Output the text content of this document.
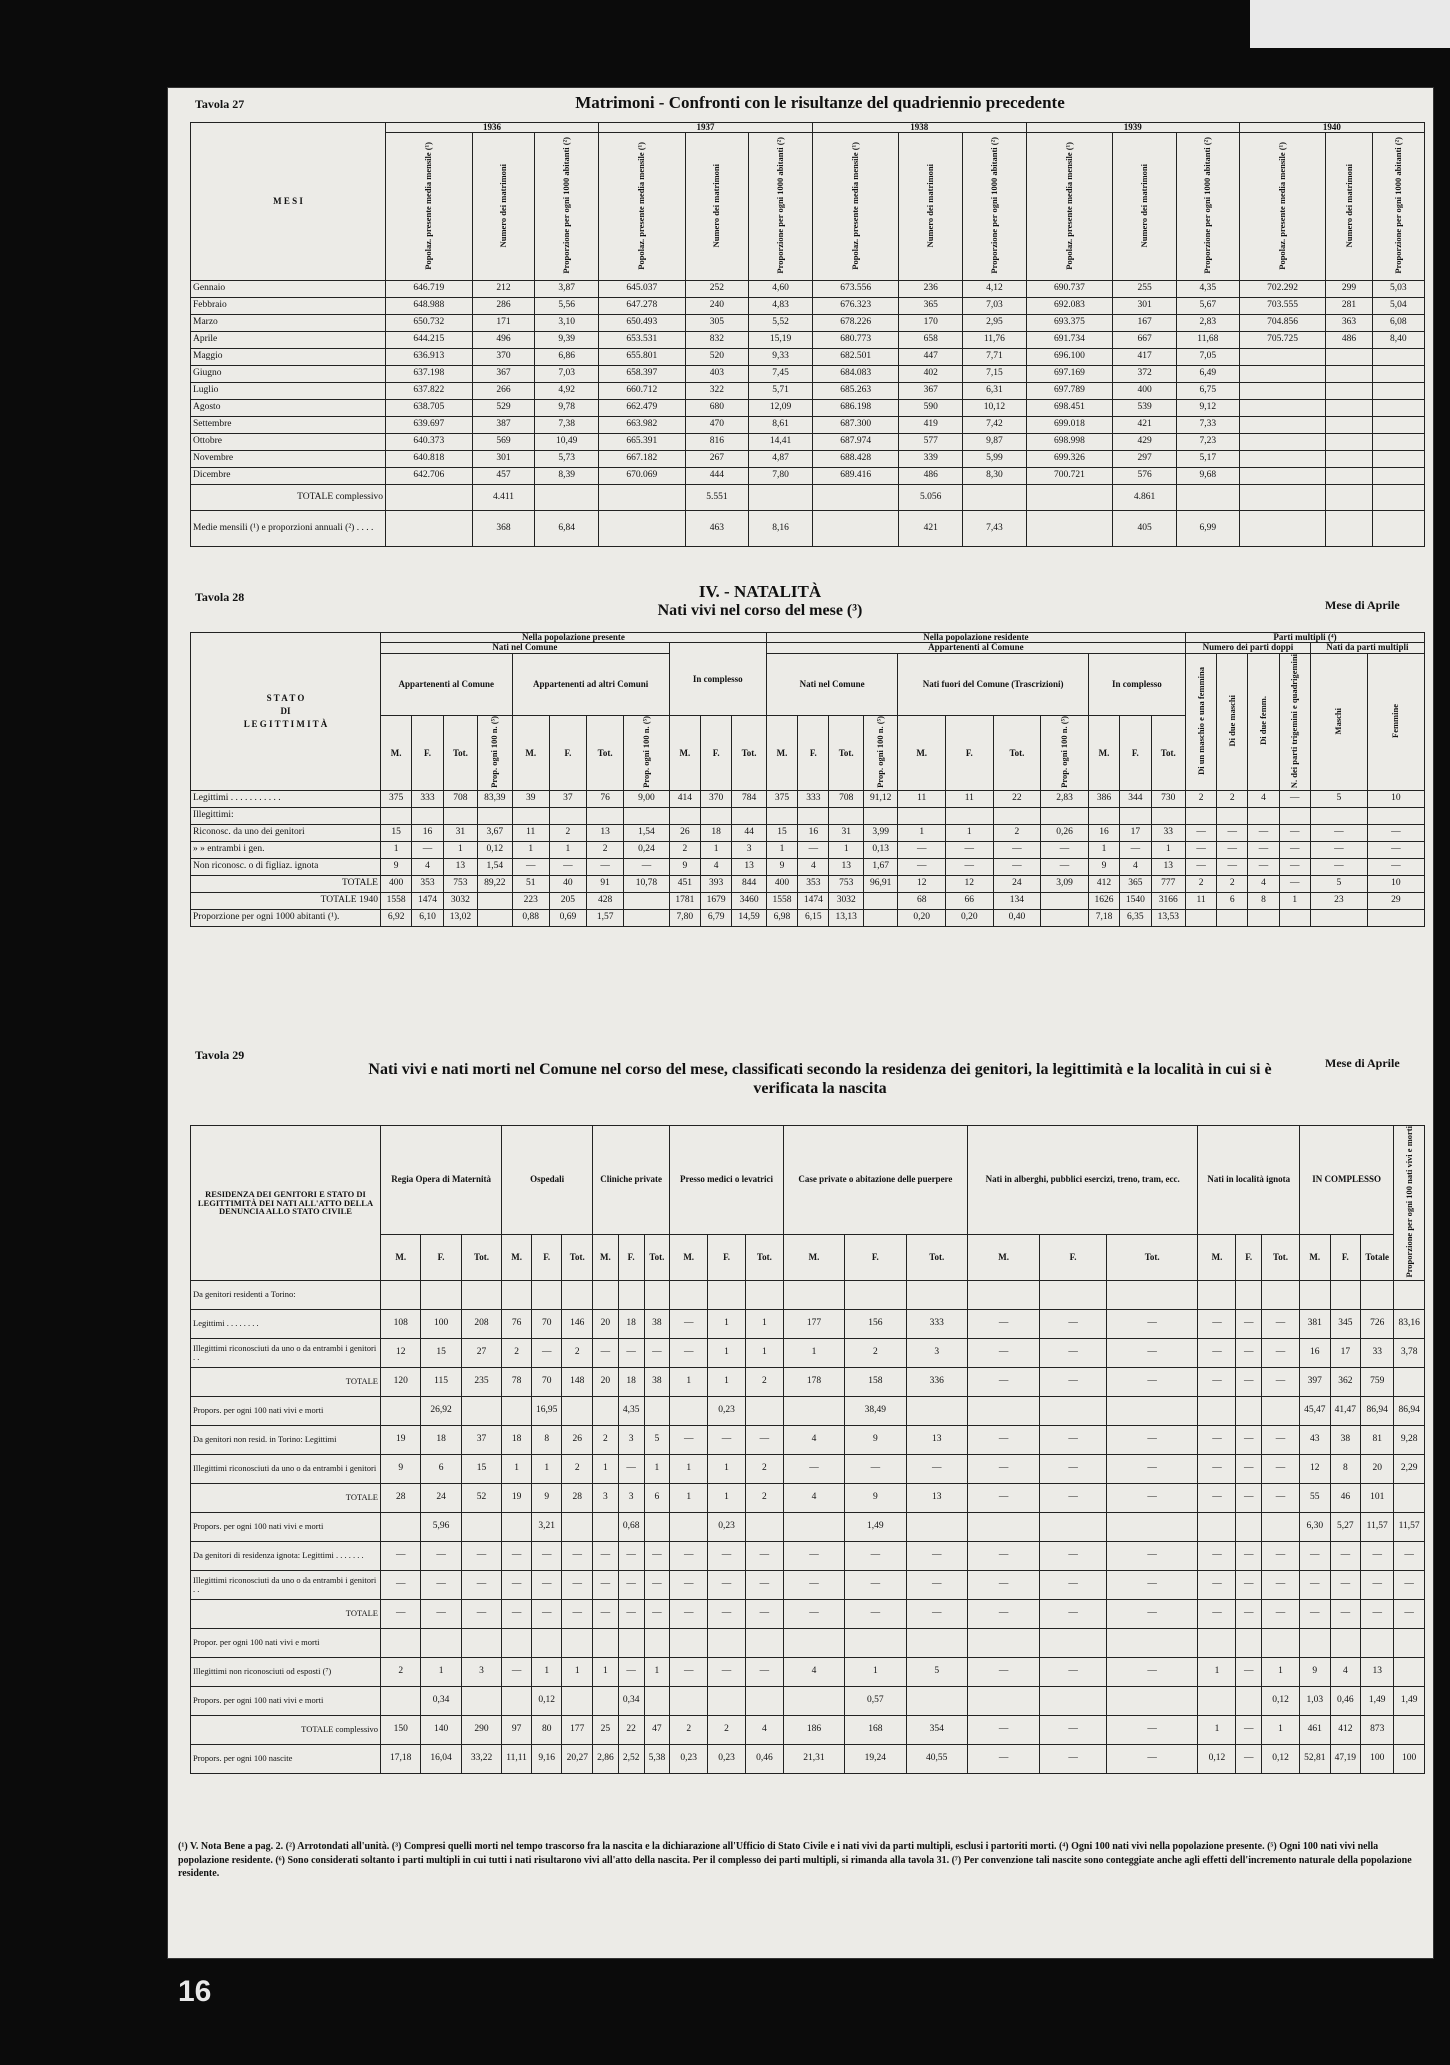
Tavola 27	Matrimoni - Confronti con le risultanze del quadriennio precedente
M E S I	1936			1937			1938			1939			1940		
	Popolaz. presente media mensile (¹)	Numero dei matrimoni	Proporzione per ogni 1000 abitanti (²)	Popolaz. presente media mensile (¹)	Numero dei matrimoni	Proporzione per ogni 1000 abitanti (²)	Popolaz. presente media mensile (¹)	Numero dei matrimoni	Proporzione per ogni 1000 abitanti (²)	Popolaz. presente media mensile (¹)	Numero dei matrimoni	Proporzione per ogni 1000 abitanti (²)	Popolaz. presente media mensile (¹)	Numero dei matrimoni	Proporzione per ogni 1000 abitanti (²)
Gennaio	646.719	212	3,87	645.037	252	4,60	673.556	236	4,12	690.737	255	4,35	702.292	299	5,03
Febbraio	648.988	286	5,56	647.278	240	4,83	676.323	365	7,03	692.083	301	5,67	703.555	281	5,04
Marzo	650.732	171	3,10	650.493	305	5,52	678.226	170	2,95	693.375	167	2,83	704.856	363	6,08
Aprile	644.215	496	9,39	653.531	832	15,19	680.773	658	11,76	691.734	667	11,68	705.725	486	8,40
Maggio	636.913	370	6,86	655.801	520	9,33	682.501	447	7,71	696.100	417	7,05			
Giugno	637.198	367	7,03	658.397	403	7,45	684.083	402	7,15	697.169	372	6,49			
Luglio	637.822	266	4,92	660.712	322	5,71	685.263	367	6,31	697.789	400	6,75			
Agosto	638.705	529	9,78	662.479	680	12,09	686.198	590	10,12	698.451	539	9,12			
Settembre	639.697	387	7,38	663.982	470	8,61	687.300	419	7,42	699.018	421	7,33			
Ottobre	640.373	569	10,49	665.391	816	14,41	687.974	577	9,87	698.998	429	7,23			
Novembre	640.818	301	5,73	667.182	267	4,87	688.428	339	5,99	699.326	297	5,17			
Dicembre	642.706	457	8,39	670.069	444	7,80	689.416	486	8,30	700.721	576	9,68			
TOTALE complessivo		4.411			5.551			5.056			4.861				
Medie mensili (¹) e proporzioni annuali (²) . . . .		368	6,84		463	8,16		421	7,43		405	6,99			
Tavola 28	IV. - NATALITÀ
Nati vivi nel corso del mese (³)	Mese di Aprile
S T A T O
DI
L E G I T T I M I T À	Nella popolazione presente											Nella popolazione residente											Parti multipli (⁴)					
	Nati nel Comune								In complesso			Appartenenti al Comune											Numero dei parti doppi				Nati da parti multipli	
	Appartenenti al Comune				Appartenenti ad altri Comuni							Nati nel Comune				Nati fuori del Comune (Trascrizioni)				In complesso			Di un maschio e una femmina	Di due maschi	Di due femm.	N. dei parti trigemini e quadrigemini	Maschi	Femmine
	M.	F.	Tot.	Prop. ogni 100 n. (⁵)	M.	F.	Tot.	Prop. ogni 100 n. (⁵)	M.	F.	Tot.	M.	F.	Tot.	Prop. ogni 100 n. (⁵)	M.	F.	Tot.	Prop. ogni 100 n. (⁵)	M.	F.	Tot.						
Legittimi . . . . . . . . . . .	375	333	708	83,39	39	37	76	9,00	414	370	784	375	333	708	91,12	11	11	22	2,83	386	344	730	2	2	4	—	5	10
Illegittimi:																												
Riconosc. da uno dei genitori	15	16	31	3,67	11	2	13	1,54	26	18	44	15	16	31	3,99	1	1	2	0,26	16	17	33	—	—	—	—	—	—
» » entrambi i gen.	1	—	1	0,12	1	1	2	0,24	2	1	3	1	—	1	0,13	—	—	—	—	1	—	1	—	—	—	—	—	—
Non riconosc. o di figliaz. ignota	9	4	13	1,54	—	—	—	—	9	4	13	9	4	13	1,67	—	—	—	—	9	4	13	—	—	—	—	—	—
TOTALE	400	353	753	89,22	51	40	91	10,78	451	393	844	400	353	753	96,91	12	12	24	3,09	412	365	777	2	2	4	—	5	10
TOTALE 1940	1558	1474	3032		223	205	428		1781	1679	3460	1558	1474	3032		68	66	134		1626	1540	3166	11	6	8	1	23	29
Proporzione per ogni 1000 abitanti (¹).	6,92	6,10	13,02		0,88	0,69	1,57		7,80	6,79	14,59	6,98	6,15	13,13		0,20	0,20	0,40		7,18	6,35	13,53						
Tavola 29
Nati vivi e nati morti nel Comune nel corso del mese, classificati secondo la residenza dei genitori, la legittimità e la località in cui si è verificata la nascita
Mese di Aprile
RESIDENZA DEI GENITORI E STATO DI LEGITTIMITÀ DEI NATI ALL'ATTO DELLA DENUNCIA ALLO STATO CIVILE	Regia Opera di Maternità			Ospedali			Cliniche private			Presso medici o levatrici			Case private o abitazione delle puerpere			Nati in alberghi, pubblici esercizi, treno, tram, ecc.			Nati in località ignota			IN COMPLESSO			Proporzione per ogni 100 nati vivi e morti
	M.	F.	Tot.	M.	F.	Tot.	M.	F.	Tot.	M.	F.	Tot.	M.	F.	Tot.	M.	F.	Tot.	M.	F.	Tot.	M.	F.	Totale	
Da genitori residenti a Torino:																									
Legittimi . . . . . . . .	108	100	208	76	70	146	20	18	38	—	1	1	177	156	333	—	—	—	—	—	—	381	345	726	83,16
Illegittimi riconosciuti da uno o da entrambi i genitori . .	12	15	27	2	—	2	—	—	—	—	1	1	1	2	3	—	—	—	—	—	—	16	17	33	3,78
TOTALE	120	115	235	78	70	148	20	18	38	1	1	2	178	158	336	—	—	—	—	—	—	397	362	759	
Propors. per ogni 100 nati vivi e morti		26,92			16,95			4,35			0,23			38,49								45,47	41,47	86,94	86,94
Da genitori non resid. in Torino: Legittimi	19	18	37	18	8	26	2	3	5	—	—	—	4	9	13	—	—	—	—	—	—	43	38	81	9,28
Illegittimi riconosciuti da uno o da entrambi i genitori	9	6	15	1	1	2	1	—	1	1	1	2	—	—	—	—	—	—	—	—	—	12	8	20	2,29
TOTALE	28	24	52	19	9	28	3	3	6	1	1	2	4	9	13	—	—	—	—	—	—	55	46	101	
Propors. per ogni 100 nati vivi e morti		5,96			3,21			0,68			0,23			1,49								6,30	5,27	11,57	11,57
Da genitori di residenza ignota: Legittimi . . . . . . .	—	—	—	—	—	—	—	—	—	—	—	—	—	—	—	—	—	—	—	—	—	—	—	—	—
Illegittimi riconosciuti da uno o da entrambi i genitori . .	—	—	—	—	—	—	—	—	—	—	—	—	—	—	—	—	—	—	—	—	—	—	—	—	—
TOTALE	—	—	—	—	—	—	—	—	—	—	—	—	—	—	—	—	—	—	—	—	—	—	—	—	—
Propor. per ogni 100 nati vivi e morti																									
Illegittimi non riconosciuti od esposti (⁷)	2	1	3	—	1	1	1	—	1	—	—	—	4	1	5	—	—	—	1	—	1	9	4	13	
Propors. per ogni 100 nati vivi e morti		0,34			0,12			0,34						0,57							0,12	1,03	0,46	1,49	1,49
TOTALE complessivo	150	140	290	97	80	177	25	22	47	2	2	4	186	168	354	—	—	—	1	—	1	461	412	873	
Propors. per ogni 100 nascite	17,18	16,04	33,22	11,11	9,16	20,27	2,86	2,52	5,38	0,23	0,23	0,46	21,31	19,24	40,55	—	—	—	0,12	—	0,12	52,81	47,19	100	100
(¹) V. Nota Bene a pag. 2. (²) Arrotondati all'unità. (³) Compresi quelli morti nel tempo trascorso fra la nascita e la dichiarazione all'Ufficio di Stato Civile e i nati vivi da parti multipli, esclusi i partoriti morti. (⁴) Ogni 100 nati vivi nella popolazione presente. (⁵) Ogni 100 nati vivi nella popolazione residente. (⁶) Sono considerati soltanto i parti multipli in cui tutti i nati risultarono vivi all'atto della nascita. Per il complesso dei parti multipli, si rimanda alla tavola 31. (⁷) Per convenzione tali nascite sono conteggiate anche agli effetti dell'incremento naturale della popolazione residente.
16
